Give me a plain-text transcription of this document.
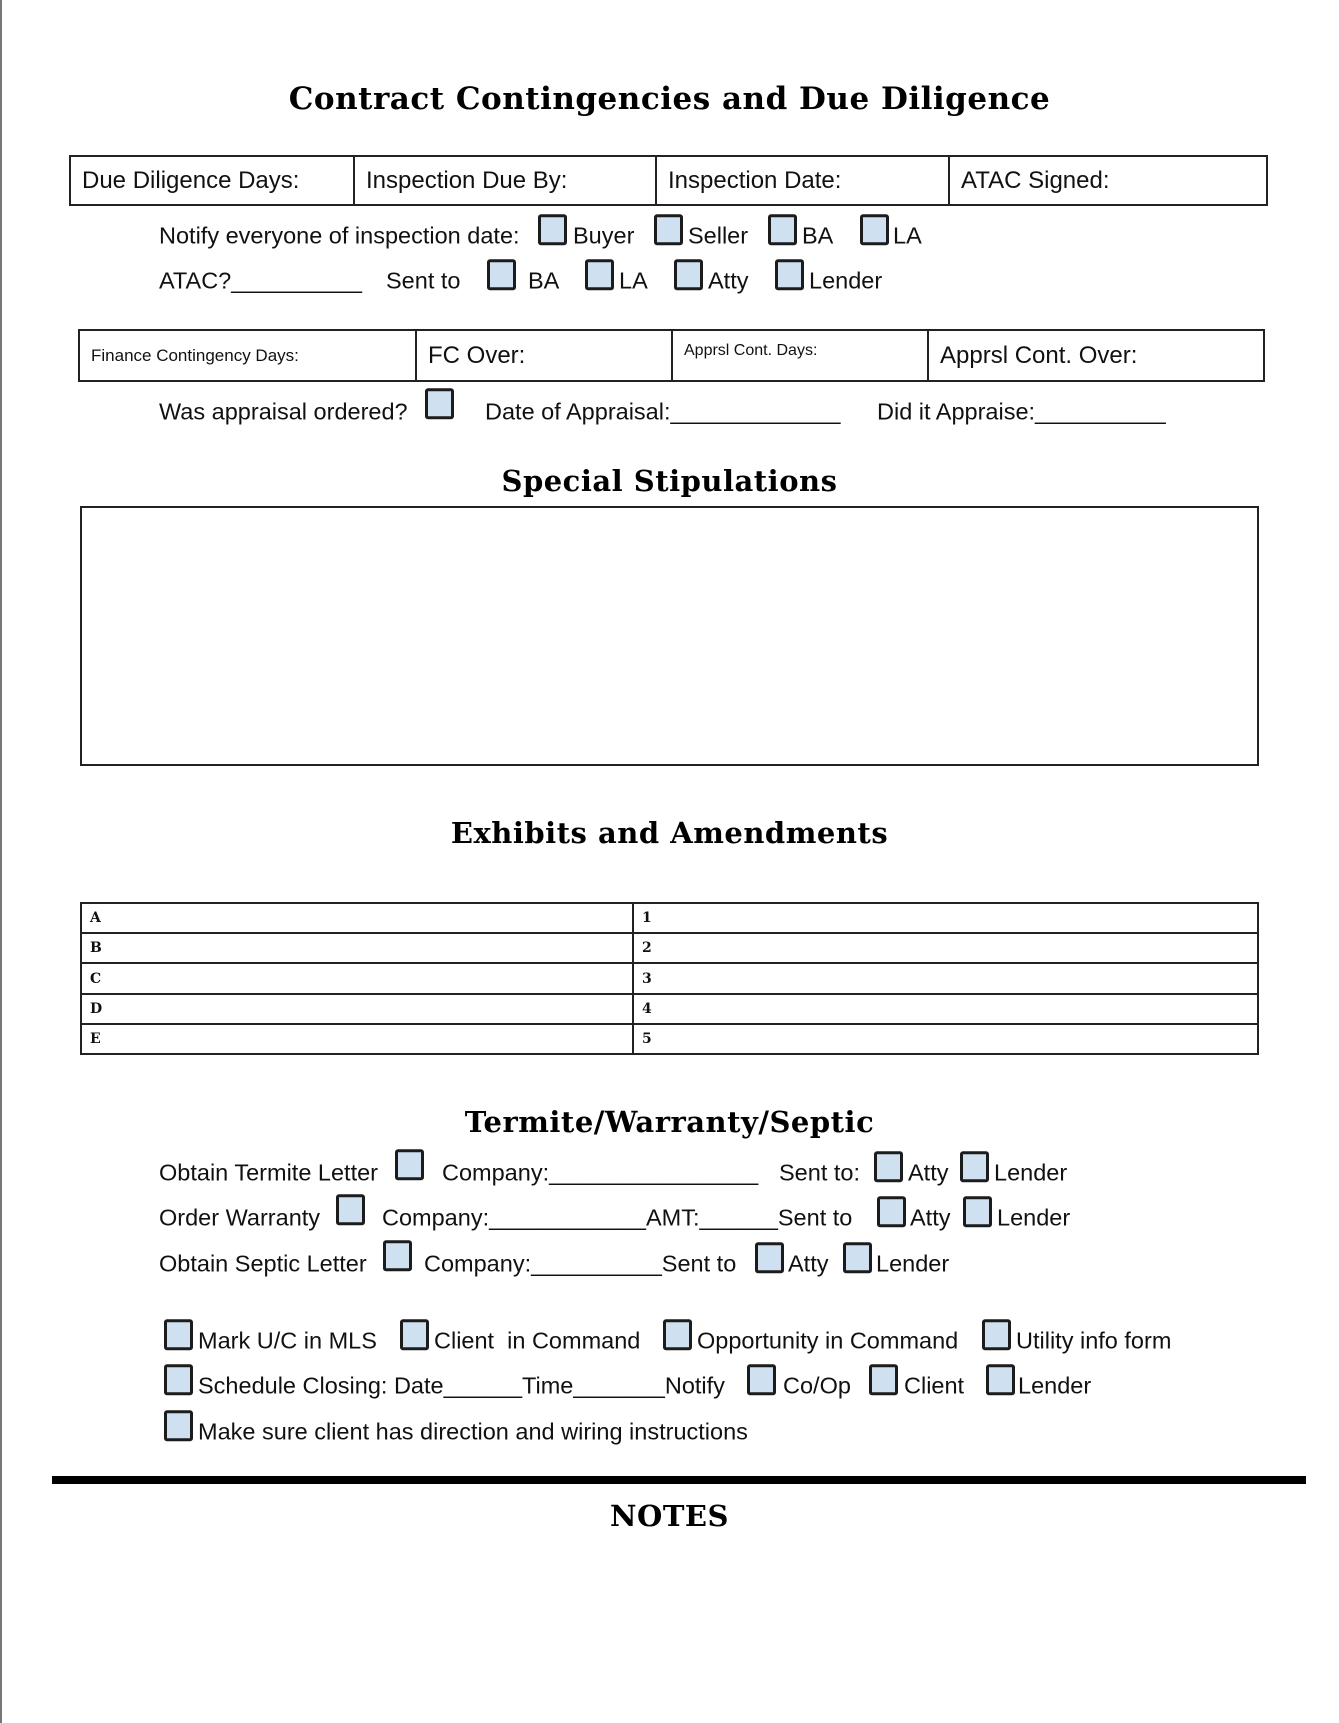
Contract Contingencies and Due Diligence
Due Diligence Days:	Inspection Due By:	Inspection Date:	ATAC Signed:
Notify everyone of inspection date: Buyer Seller BA	LA
ATAC?__________ Sent to	BA	LA	Atty	Lender
Finance Contingency Days:	FC Over:	Apprsl Cont. Days:	Apprsl Cont. Over:
Was appraisal ordered?	Date of Appraisal:_____________ Did it Appraise:__________
Special Stipulations
Exhibits and Amendments
A	1
B	2
C	3
D	4
E	5
Termite/Warranty/Septic
Obtain Termite Letter	Company:________________ Sent to: Atty Lender
Order Warranty	Company:____________AMT:______Sent to Atty Lender
Obtain Septic Letter Company:__________Sent to Atty Lender
Mark U/C in MLS Client  in Command Opportunity in Command Utility info form
Schedule Closing: Date______Time_______Notify Co/Op Client Lender
Make sure client has direction and wiring instructions
NOTES
